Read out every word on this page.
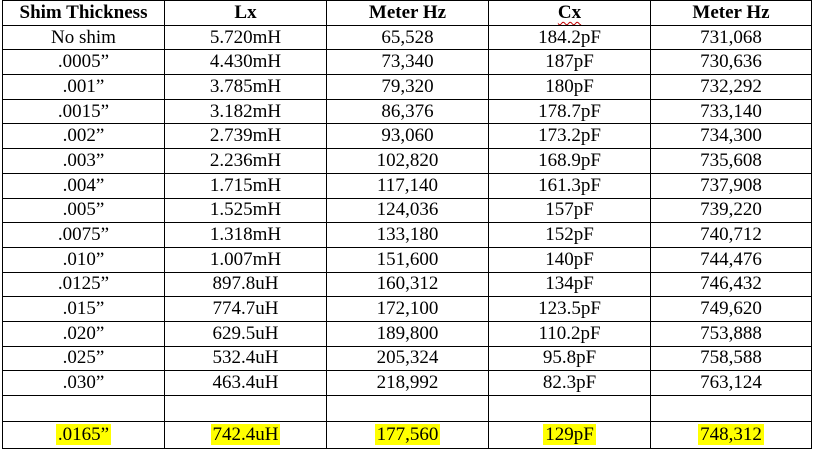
Shim Thickness	Lx	Meter Hz	Cx	Meter Hz
No shim	5.720mH	65,528	184.2pF	731,068
.0005”	4.430mH	73,340	187pF	730,636
.001”	3.785mH	79,320	180pF	732,292
.0015”	3.182mH	86,376	178.7pF	733,140
.002”	2.739mH	93,060	173.2pF	734,300
.003”	2.236mH	102,820	168.9pF	735,608
.004”	1.715mH	117,140	161.3pF	737,908
.005”	1.525mH	124,036	157pF	739,220
.0075”	1.318mH	133,180	152pF	740,712
.010”	1.007mH	151,600	140pF	744,476
.0125”	897.8uH	160,312	134pF	746,432
.015”	774.7uH	172,100	123.5pF	749,620
.020”	629.5uH	189,800	110.2pF	753,888
.025”	532.4uH	205,324	95.8pF	758,588
.030”	463.4uH	218,992	82.3pF	763,124

.0165”	742.4uH	177,560	129pF	748,312
